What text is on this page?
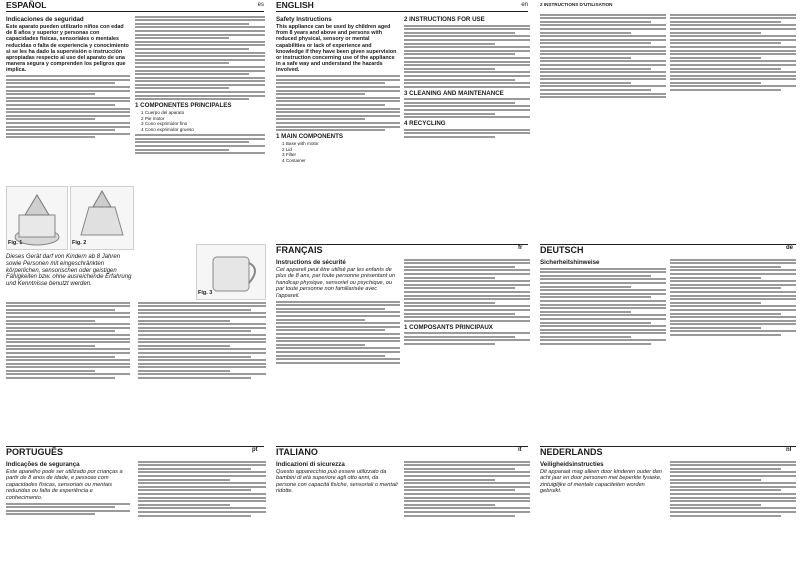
ESPAÑOL	es ENGLISH	en	2 INSTRUCTIONS D'UTILISATION
Indicaciones de seguridad

Este aparato pueden utilizarlo niños con edad de 8 años y superior y personas con capacidades físicas, sensoriales o mentales reducidas o falta de experiencia y conocimiento si se les ha dado la supervisión o instrucción apropiadas respecto al uso del aparato de una manera segura y comprenden los peligros que implica.

1 COMPONENTES PRINCIPALES
• 1 Cuerpo del aparato
• 2 Pie motor
• 3 Cono exprimidor fino
• 4 Cono exprimidor grueso
Fig. 1	Fig. 2
Fig. 3
Dieses Gerät darf von Kindern ab 8 Jahren sowie Personen mit eingeschränkten körperlichen, sensorischen oder geistigen Fähigkeiten bzw. ohne ausreichende Erfahrung und Kenntnisse benutzt werden.
PORTUGUÊS	pt
Indicações de segurança

Este aparelho pode ser utilizado por crianças a partir de 8 anos de idade, e pessoas com capacidades físicas, sensoriais ou mentais reduzidas ou falta de experiência e conhecimento.

Safety Instructions

This appliance can be used by children aged from 8 years and above and persons with reduced physical, sensory or mental capabilities or lack of experience and knowledge if they have been given supervision or instruction concerning use of the appliance in a safe way and understand the hazards involved.

1 MAIN COMPONENTS
• 1 Base with motor
• 2 Lid
• 3 Filter
• 4 Container
2 INSTRUCTIONS FOR USE
3 CLEANING AND MAINTENANCE
4 RECYCLING
FRANÇAIS	fr
Instructions de sécurité

Cet appareil peut être utilisé par les enfants de plus de 8 ans, par toute personne présentant un handicap physique, sensoriel ou psychique, ou par toute personne non familiarisée avec l'appareil.

1 COMPOSANTS PRINCIPAUX
ITALIANO	it
Indicazioni di sicurezza

Questo apparecchio può essere utilizzato da bambini di età superiore agli otto anni, da persone con capacità fisiche, sensoriali o mentali ridotte.

DEUTSCH	de
Sicherheitshinweise
NEDERLANDS	nl
Veiligheidsinstructies

Dit apparaat mag alleen door kinderen ouder dan acht jaar en door personen met beperkte fysieke, zintuiglijke of mentale capaciteiten worden gebruikt.
